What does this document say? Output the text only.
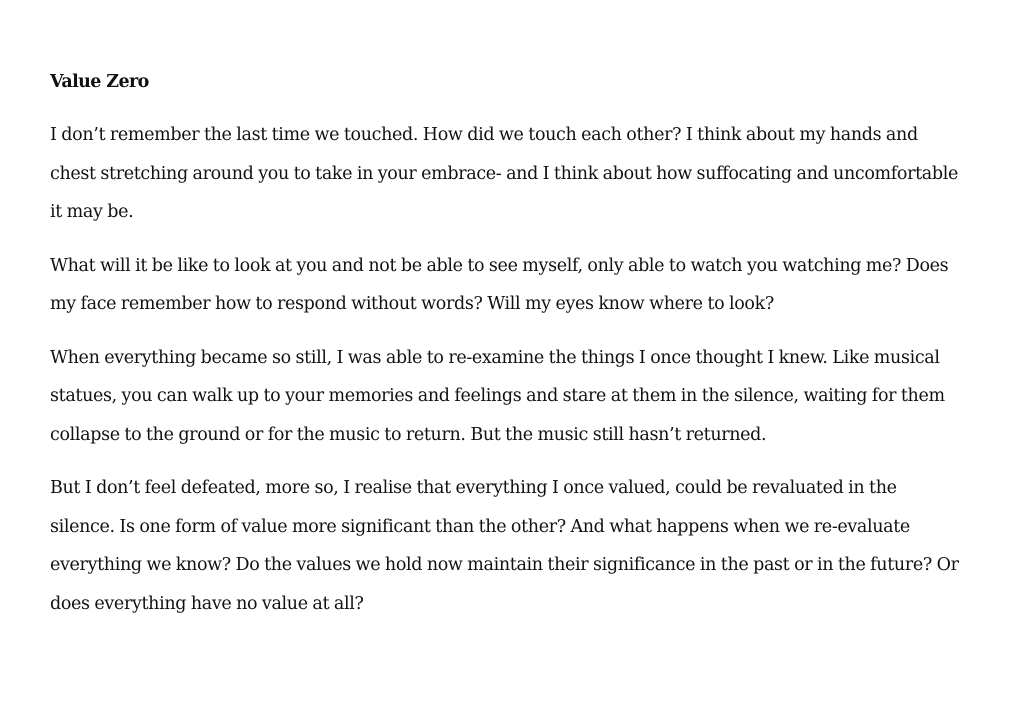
Value Zero

I don’t remember the last time we touched. How did we touch each other? I think about my hands and chest stretching around you to take in your embrace- and I think about how suffocating and uncomfortable it may be.

What will it be like to look at you and not be able to see myself, only able to watch you watching me? Does my face remember how to respond without words? Will my eyes know where to look?

When everything became so still, I was able to re-examine the things I once thought I knew. Like musical statues, you can walk up to your memories and feelings and stare at them in the silence, waiting for them collapse to the ground or for the music to return. But the music still hasn’t returned.

But I don’t feel defeated, more so, I realise that everything I once valued, could be revaluated in the silence. Is one form of value more significant than the other? And what happens when we re-evaluate everything we know? Do the values we hold now maintain their significance in the past or in the future? Or does everything have no value at all?
